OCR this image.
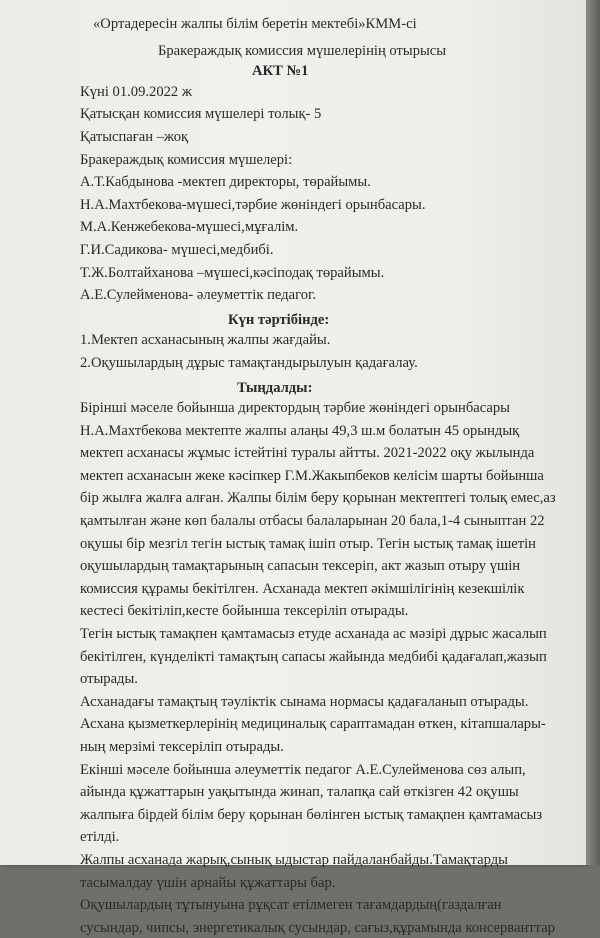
«Ортадересін жалпы білім беретін мектебі»КММ-сі
Бракераждық комиссия мүшелерінің отырысы
АКТ №1
Күні 01.09.2022 ж
Қатысқан комиссия мүшелері толық- 5
Қатыспаған –жоқ
Бракераждық комиссия мүшелері:
А.Т.Кабдынова -мектеп директоры, төрайымы.
Н.А.Махтбекова-мүшесі,тәрбие жөніндегі орынбасары.
М.А.Кенжебекова-мүшесі,мұғалім.
Г.И.Садикова- мүшесі,медбибі.
Т.Ж.Болтайханова –мүшесі,кәсіподақ төрайымы.
А.Е.Сулейменова- әлеуметтік педагог.
Күн тәртібінде:
1.Мектеп асханасының жалпы жағдайы.
2.Оқушылардың дұрыс тамақтандырылуын қадағалау.
Тыңдалды:
Бірінші мәселе бойынша директордың тәрбие жөніндегі орынбасары
Н.А.Махтбекова мектепте жалпы алаңы 49,3 ш.м болатын 45 орындық
мектеп асханасы жұмыс істейтіні туралы айтты. 2021-2022 оқу жылында
мектеп асханасын жеке кәсіпкер Г.М.Жакыпбеков келісім шарты бойынша
бір жылға жалға алған. Жалпы білім беру қорынан мектептегі толық емес,аз
қамтылған және көп балалы отбасы балаларынан 20 бала,1-4 сыныптан 22
оқушы бір мезгіл тегін ыстық тамақ ішіп отыр. Тегін ыстық тамақ ішетін
оқушылардың тамақтарының сапасын тексеріп, акт жазып отыру үшін
комиссия құрамы бекітілген. Асханада мектеп әкімшілігінің кезекшілік
кестесі бекітіліп,кесте бойынша тексеріліп отырады.
Тегін ыстық тамақпен қамтамасыз етуде асханада ас мәзірі дұрыс жасалып
бекітілген, күнделікті тамақтың сапасы жайында медбибі қадағалап,жазып
отырады.
Асханадағы тамақтың тәуліктік сынама нормасы қадағаланып отырады.
Асхана қызметкерлерінің медициналық сараптамадан өткен, кітапшалары-
ның мерзімі тексеріліп отырады.
Екінші мәселе бойынша әлеуметтік педагог А.Е.Сулейменова сөз алып,
айында құжаттарын уақытында жинап, талапқа сай өткізген 42 оқушы
жалпыға бірдей білім беру қорынан бөлінген ыстық тамақпен қамтамасыз
етілді.
Жалпы асханада жарық,сынық ыдыстар пайдаланбайды.Тамақтарды
тасымалдау үшін арнайы құжаттары бар.
Оқушылардың тұтынуына рұқсат етілмеген тағамдардың(газдалған
сусындар, чипсы, энергетикалық сусындар, сағыз,құрамында консерванттар
